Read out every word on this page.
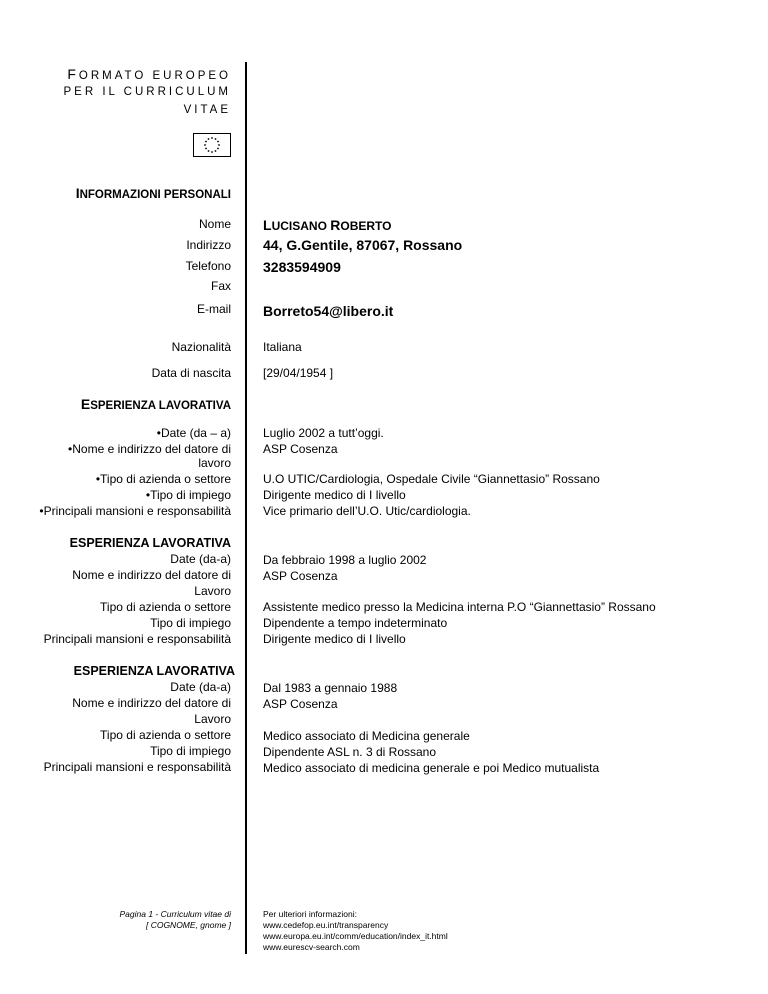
FORMATO EUROPEO
PER IL CURRICULUM
VITAE
INFORMAZIONI PERSONALI
Nome LUCISANO ROBERTO
Indirizzo 44, G.Gentile, 87067, Rossano
Telefono 3283594909
Fax
E-mail Borreto54@libero.it
Nazionalità	Italiana
Data di nascita	[29/04/1954 ]
ESPERIENZA LAVORATIVA
• Date (da – a)	Luglio 2002 a tutt’oggi.
• Nome e indirizzo del datore di	ASP Cosenza
lavoro
• Tipo di azienda o settore	U.O UTIC/Cardiologia, Ospedale Civile “Giannettasio” Rossano
• Tipo di impiego	Dirigente medico di I livello
• Principali mansioni e responsabilità	Vice primario dell’U.O. Utic/cardiologia.
ESPERIENZA LAVORATIVA
Date (da-a)	Da febbraio 1998 a luglio 2002
Nome e indirizzo del datore di	ASP Cosenza
Lavoro
Tipo di azienda o settore	Assistente medico presso la Medicina interna P.O “Giannettasio” Rossano
Tipo di impiego	Dipendente a tempo indeterminato
Principali mansioni e responsabilità	Dirigente medico di I livello
ESPERIENZA LAVORATIVA
Date (da-a)	Dal 1983 a gennaio 1988
Nome e indirizzo del datore di	ASP Cosenza
Lavoro
Tipo di azienda o settore	Medico associato di Medicina generale
Tipo di impiego	Dipendente ASL n. 3 di Rossano
Principali mansioni e responsabilità	Medico associato di medicina generale e poi Medico mutualista
Pagina 1 - Curriculum vitae di
[ COGNOME, gnome ]
Per ulteriori informazioni:
www.cedefop.eu.int/transparency
www.europa.eu.int/comm/education/index_it.html
www.eurescv-search.com
